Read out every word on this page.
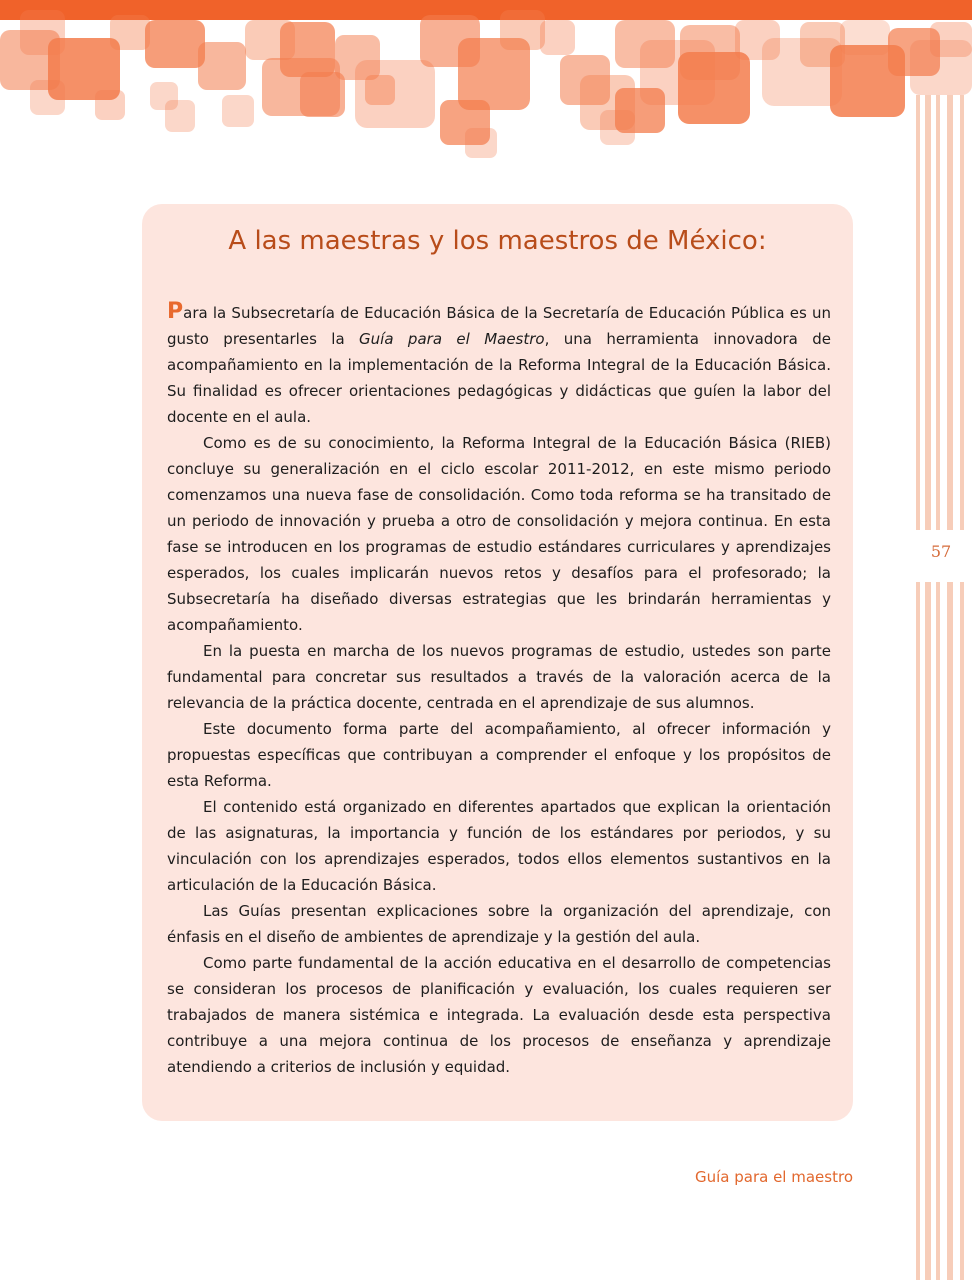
57
A las maestras y los maestros de México:

Para la Subsecretaría de Educación Básica de la Secretaría de Educación Pública es un gusto presentarles la Guía para el Maestro, una herramienta innovadora de acompañamiento en la implementación de la Reforma Integral de la Educación Básica. Su finalidad es ofrecer orientaciones pedagógicas y didácticas que guíen la labor del docente en el aula.

Como es de su conocimiento, la Reforma Integral de la Educación Básica (RIEB) concluye su generalización en el ciclo escolar 2011-2012, en este mismo periodo comenzamos una nueva fase de consolidación. Como toda reforma se ha transitado de un periodo de innovación y prueba a otro de consolidación y mejora continua. En esta fase se introducen en los programas de estudio estándares curriculares y aprendizajes esperados, los cuales implicarán nuevos retos y desafíos para el profesorado; la Subsecretaría ha diseñado diversas estrategias que les brindarán herramientas y acompañamiento.

En la puesta en marcha de los nuevos programas de estudio, ustedes son parte fundamental para concretar sus resultados a través de la valoración acerca de la relevancia de la práctica docente, centrada en el aprendizaje de sus alumnos.

Este documento forma parte del acompañamiento, al ofrecer información y propuestas específicas que contribuyan a comprender el enfoque y los propósitos de esta Reforma.

El contenido está organizado en diferentes apartados que explican la orientación de las asignaturas, la importancia y función de los estándares por periodos, y su vinculación con los aprendizajes esperados, todos ellos elementos sustantivos en la articulación de la Educación Básica.

Las Guías presentan explicaciones sobre la organización del aprendizaje, con énfasis en el diseño de ambientes de aprendizaje y la gestión del aula.

Como parte fundamental de la acción educativa en el desarrollo de competencias se consideran los procesos de planificación y evaluación, los cuales requieren ser trabajados de manera sistémica e integrada. La evaluación desde esta perspectiva contribuye a una mejora continua de los procesos de enseñanza y aprendizaje atendiendo a criterios de inclusión y equidad.

Guía para el maestro
